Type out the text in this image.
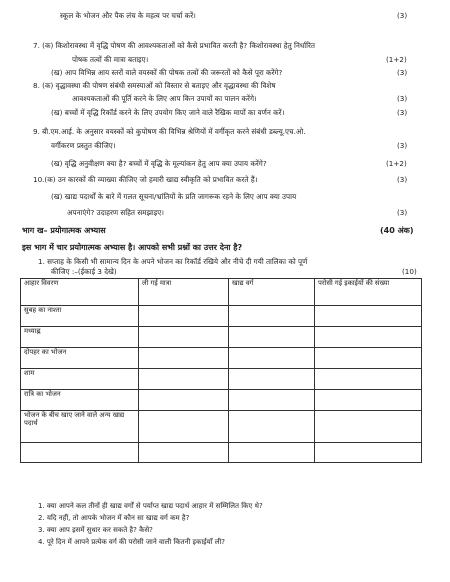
स्कूल के भोजन और पैक लंच के महत्व पर चर्चा करें।	(3)
7. (क) किशोरावस्था में वृद्धि पोषण की आवश्यकताओं को कैसे प्रभावित करती है? किशोरावस्था हेतु निर्धारित
पोषक तत्वों की मात्रा बताइए।	(1+2)
(ख) आप विभिन्न आय स्तरों वाले वयस्कों की पोषक तत्वों की जरूरतों को कैसे पूरा करेंगे?	(3)
8. (क) वृद्धावस्था की पोषण संबंधी समस्याओं को विस्तार से बताइए और वृद्धावस्था की विशेष
आवश्यकताओं की पूर्ति करने के लिए आप किन उपायों का पालन करेंगे।	(3)
(ख) बच्चों में वृद्धि रिकॉर्ड करने के लिए उपयोग किए जाने वाले रैखिक मापों का वर्णन करें।	(3)
9. बी.एम.आई. के अनुसार वयस्कों को कुपोषण की विभिन्न श्रेणियों में वर्गीकृत करने संबंधी डब्ल्यू.एच.ओ.
वर्गीकरण प्रस्तुत कीजिए।	(3)
(ख) वृद्धि अनुवीक्षण क्या है? बच्चों में वृद्धि के मूल्यांकन हेतु आप क्या उपाय करेंगे?	(1+2)
10.(क) उन कारकों की व्याख्या कीजिए जो हमारी खाद्य स्वीकृति को प्रभावित करते हैं।	(3)
(ख) खाद्य पदार्थों के बारे में गलत सूचना/भ्रांतियों के प्रति जागरूक रहने के लिए आप क्या उपाय
अपनाएंगे? उदाहरण सहित समझाइए।	(3)
भाग ख– प्रयोगात्मक अभ्यास	(40 अंक)
इस भाग में चार प्रयोगात्मक अभ्यास है। आपको सभी प्रश्नों का उत्तर देना है?
1. सप्ताह के किसी भी सामान्य दिन के अपने भोजन का रिकॉर्ड रखिये और नीचे दी गयी तालिका को पूर्ण
कीजिए :–(ईकाई 3 देखे)	(10)
आहार विवरण	ली गई मात्रा	खाद्य वर्ग	परोसी गई इकाईयों की संख्या
सुबह का नाश्ता			
मध्याह्न			
दोपहर का भोजन			
शाम			
रात्रि का भोजन			
भोजन के बीच खाए जाने वाले अन्य खाद्य पदार्थ			

1. क्या आपने कल तीनों ही खाद्य वर्गों से पर्याप्त खाद्य पदार्थ आहार में सम्मिलित किए थे?
2. यदि नहीं, तो आपके भोजन में कौन सा खाद्य वर्ग कम है?
3. क्या आप इसमें सुधार कर सकते है? कैसे?
4. पूरे दिन में आपने प्रत्येक वर्ग की परोसी जाने वाली कितनी इकाईयाँ ली?
